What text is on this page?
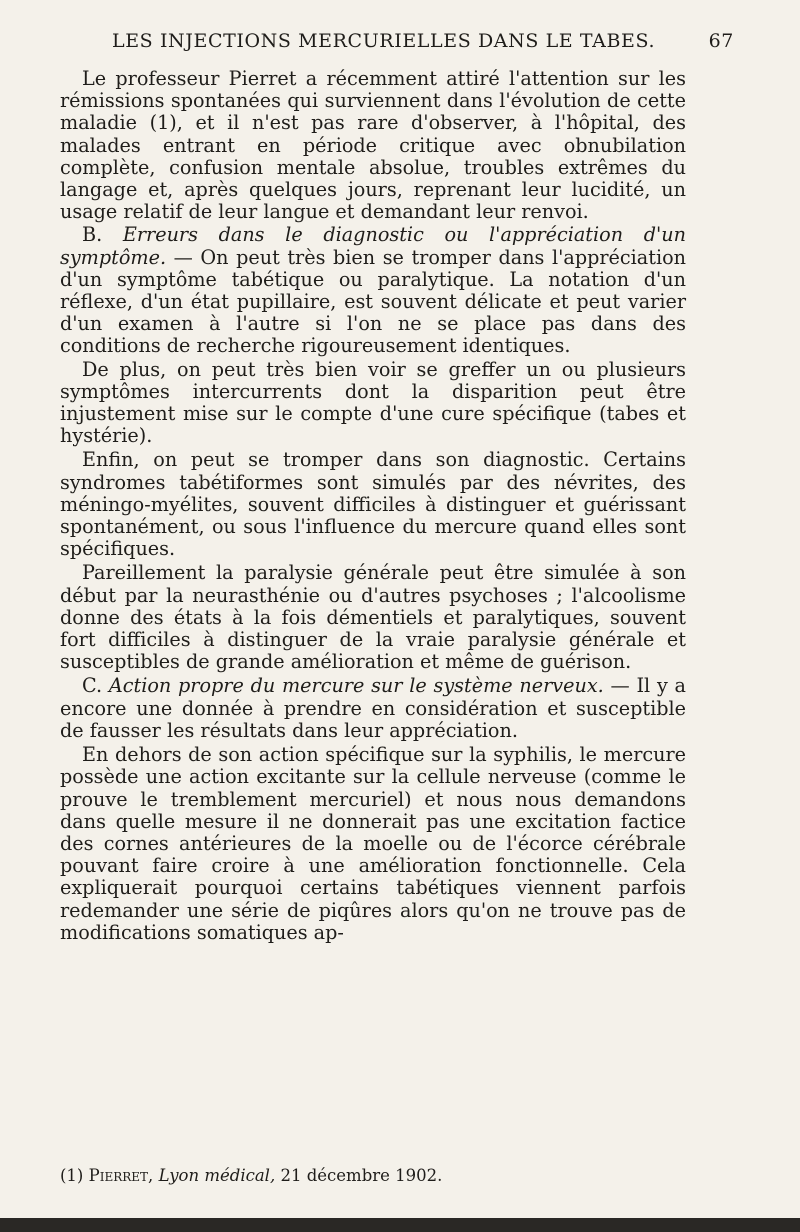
LES INJECTIONS MERCURIELLES DANS LE TABES.	67

Le professeur Pierret a récemment attiré l'attention sur les rémissions spontanées qui surviennent dans l'évolution de cette maladie (1), et il n'est pas rare d'observer, à l'hôpital, des malades entrant en période critique avec obnubilation complète, confusion mentale absolue, troubles extrêmes du langage et, après quelques jours, reprenant leur lucidité, un usage relatif de leur langue et demandant leur renvoi.

B. Erreurs dans le diagnostic ou l'appréciation d'un symptôme. — On peut très bien se tromper dans l'appréciation d'un symptôme tabétique ou paralytique. La notation d'un réflexe, d'un état pupillaire, est souvent délicate et peut varier d'un examen à l'autre si l'on ne se place pas dans des conditions de recherche rigoureusement identiques.

De plus, on peut très bien voir se greffer un ou plusieurs symptômes intercurrents dont la disparition peut être injustement mise sur le compte d'une cure spécifique (tabes et hystérie).

Enfin, on peut se tromper dans son diagnostic. Certains syndromes tabétiformes sont simulés par des névrites, des méningo-myélites, souvent difficiles à distinguer et guérissant spontanément, ou sous l'influence du mercure quand elles sont spécifiques.

Pareillement la paralysie générale peut être simulée à son début par la neurasthénie ou d'autres psychoses ; l'alcoolisme donne des états à la fois démentiels et paralytiques, souvent fort difficiles à distinguer de la vraie paralysie générale et susceptibles de grande amélioration et même de guérison.

C. Action propre du mercure sur le système nerveux. — Il y a encore une donnée à prendre en considération et susceptible de fausser les résultats dans leur appréciation.

En dehors de son action spécifique sur la syphilis, le mercure possède une action excitante sur la cellule nerveuse (comme le prouve le tremblement mercuriel) et nous nous demandons dans quelle mesure il ne donnerait pas une excitation factice des cornes antérieures de la moelle ou de l'écorce cérébrale pouvant faire croire à une amélioration fonctionnelle. Cela expliquerait pourquoi certains tabétiques viennent parfois redemander une série de piqûres alors qu'on ne trouve pas de modifications somatiques ap-

(1) Pierret, Lyon médical, 21 décembre 1902.
